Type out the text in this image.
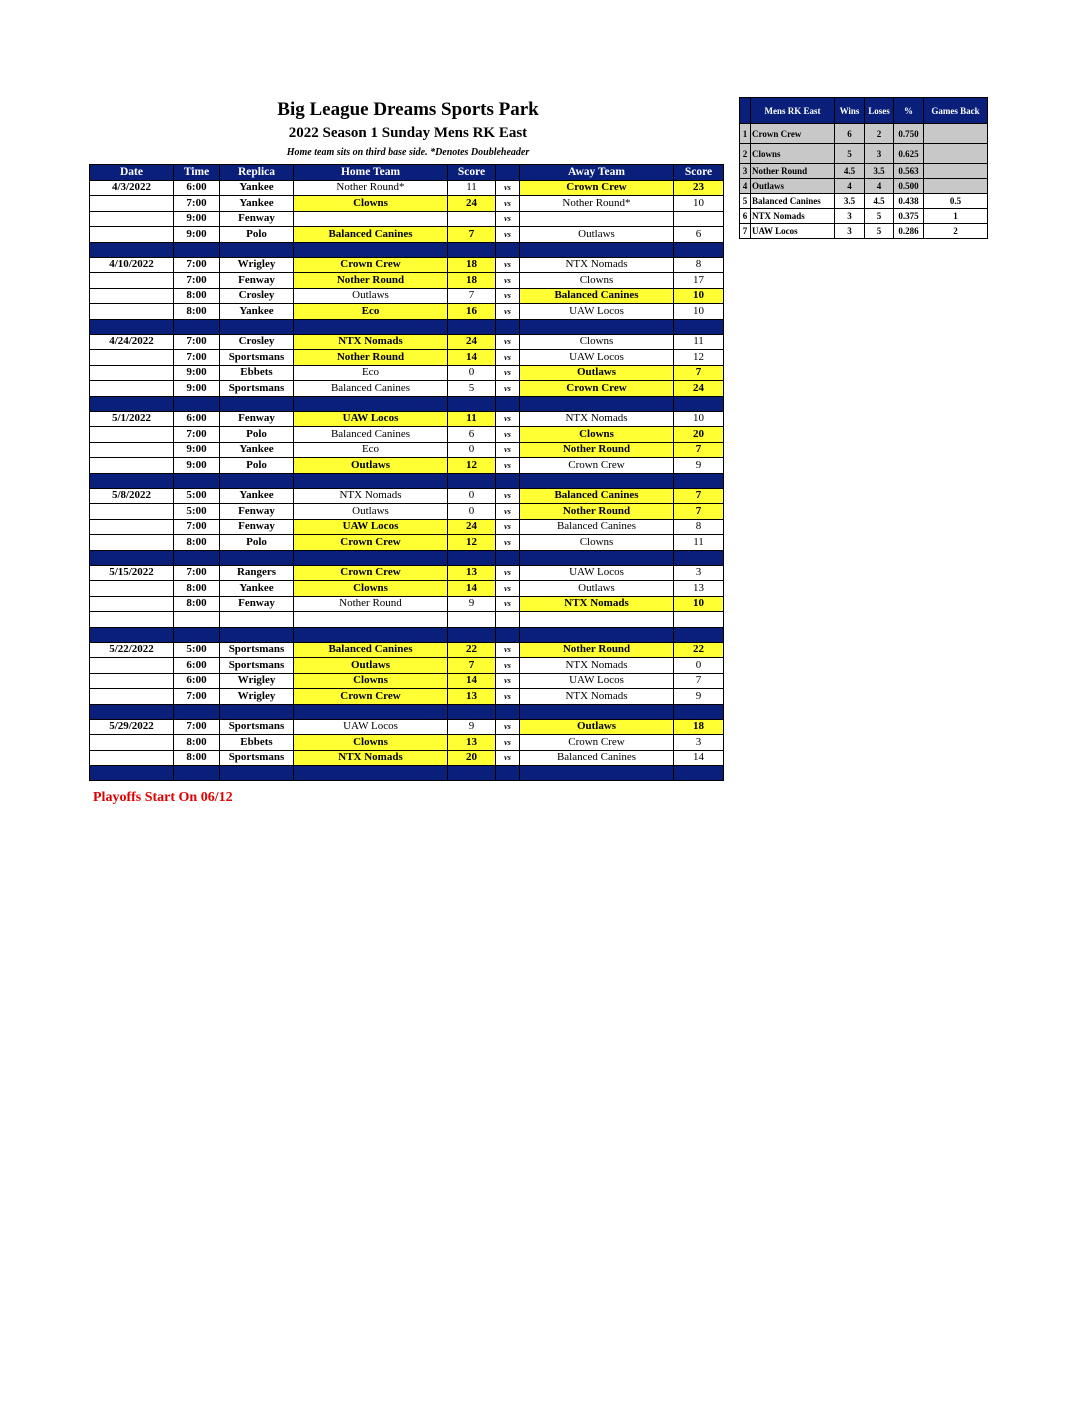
Big League Dreams Sports Park
2022 Season 1 Sunday Mens RK East
Home team sits on third base side. *Denotes Doubleheader
Date	Time	Replica	Home Team	Score		Away Team	Score
4/3/2022	6:00	Yankee	Nother Round*	11	vs	Crown Crew	23
	7:00	Yankee	Clowns	24	vs	Nother Round*	10
	9:00	Fenway			vs		
	9:00	Polo	Balanced Canines	7	vs	Outlaws	6

4/10/2022	7:00	Wrigley	Crown Crew	18	vs	NTX Nomads	8
	7:00	Fenway	Nother Round	18	vs	Clowns	17
	8:00	Crosley	Outlaws	7	vs	Balanced Canines	10
	8:00	Yankee	Eco	16	vs	UAW Locos	10

4/24/2022	7:00	Crosley	NTX Nomads	24	vs	Clowns	11
	7:00	Sportsmans	Nother Round	14	vs	UAW Locos	12
	9:00	Ebbets	Eco	0	vs	Outlaws	7
	9:00	Sportsmans	Balanced Canines	5	vs	Crown Crew	24

5/1/2022	6:00	Fenway	UAW Locos	11	vs	NTX Nomads	10
	7:00	Polo	Balanced Canines	6	vs	Clowns	20
	9:00	Yankee	Eco	0	vs	Nother Round	7
	9:00	Polo	Outlaws	12	vs	Crown Crew	9

5/8/2022	5:00	Yankee	NTX Nomads	0	vs	Balanced Canines	7
	5:00	Fenway	Outlaws	0	vs	Nother Round	7
	7:00	Fenway	UAW Locos	24	vs	Balanced Canines	8
	8:00	Polo	Crown Crew	12	vs	Clowns	11

5/15/2022	7:00	Rangers	Crown Crew	13	vs	UAW Locos	3
	8:00	Yankee	Clowns	14	vs	Outlaws	13
	8:00	Fenway	Nother Round	9	vs	NTX Nomads	10

5/22/2022	5:00	Sportsmans	Balanced Canines	22	vs	Nother Round	22
	6:00	Sportsmans	Outlaws	7	vs	NTX Nomads	0
	6:00	Wrigley	Clowns	14	vs	UAW Locos	7
	7:00	Wrigley	Crown Crew	13	vs	NTX Nomads	9

5/29/2022	7:00	Sportsmans	UAW Locos	9	vs	Outlaws	18
	8:00	Ebbets	Clowns	13	vs	Crown Crew	3
	8:00	Sportsmans	NTX Nomads	20	vs	Balanced Canines	14

	Mens RK East	Wins	Loses	%	Games Back
1	Crown Crew	6	2	0.750	
2	Clowns	5	3	0.625	
3	Nother Round	4.5	3.5	0.563	
4	Outlaws	4	4	0.500	
5	Balanced Canines	3.5	4.5	0.438	0.5
6	NTX Nomads	3	5	0.375	1
7	UAW Locos	3	5	0.286	2
Playoffs Start On 06/12
